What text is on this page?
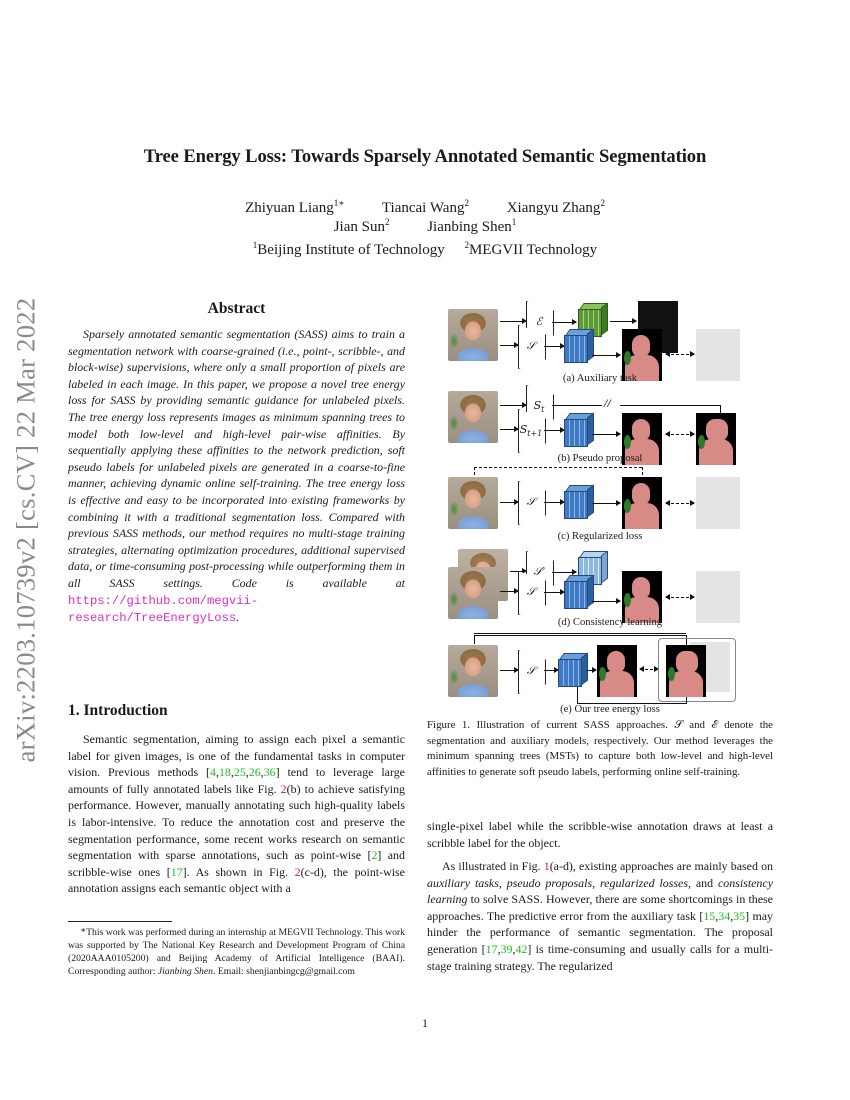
arXiv:2203.10739v2 [cs.CV] 22 Mar 2022
Tree Energy Loss: Towards Sparsely Annotated Semantic Segmentation
Zhiyuan Liang$^{1∗}$ Tiancai Wang$^2$	Xiangyu Zhang$^2$
Jian Sun$^2$	Jianbing Shen$^1$
$^1$Beijing Institute of Technology $^2$MEGVII Technology
Abstract

Sparsely annotated semantic segmentation (SASS) aims to train a segmentation network with coarse-grained (i.e., point-, scribble-, and block-wise) supervisions, where only a small proportion of pixels are labeled in each image. In this paper, we propose a novel tree energy loss for SASS by providing semantic guidance for unlabeled pixels. The tree energy loss represents images as minimum spanning trees to model both low-level and high-level pair-wise affinities. By sequentially applying these affinities to the network prediction, soft pseudo labels for unlabeled pixels are generated in a coarse-to-fine manner, achieving dynamic online self-training. The tree energy loss is effective and easy to be incorporated into existing frameworks by combining it with a traditional segmentation loss. Compared with previous SASS methods, our method requires no multi-stage training strategies, alternating optimization procedures, additional supervised data, or time-consuming post-processing while outperforming them in all SASS settings. Code is available at https://github.com/megvii-research/TreeEnergyLoss.

1. Introduction

Semantic segmentation, aiming to assign each pixel a semantic label for given images, is one of the fundamental tasks in computer vision. Previous methods [4,18,25,26,36] tend to leverage large amounts of fully annotated labels like Fig. 2(b) to achieve satisfying performance. However, manually annotating such high-quality labels is labor-intensive. To reduce the annotation cost and preserve the segmentation performance, some recent works research on semantic segmentation with sparse annotations, such as point-wise [2] and scribble-wise ones [17]. As shown in Fig. 2(c-d), the point-wise annotation assigns each semantic object with a

∗This work was performed during an internship at MEGVII Technology. This work was supported by The National Key Research and Development Program of China (2020AAA0105200) and Beijing Academy of Artificial Intelligence (BAAI). Corresponding author: Jianbing Shen. Email: shenjianbingcg@gmail.com

ℰ
𝒮
(a) Auxiliary task
$S_t$
$S_{t+1}$
//
(b) Pseudo proposal
𝒮
(c) Regularized loss
𝒮′
𝒮
(d) Consistency learning
𝒮
(e) Our tree energy loss
Figure 1. Illustration of current SASS approaches. 𝒮 and ℰ denote the segmentation and auxiliary models, respectively. Our method leverages the minimum spanning trees (MSTs) to capture both low-level and high-level affinities to generate soft pseudo labels, performing online self-training.

single-pixel label while the scribble-wise annotation draws at least a scribble label for the object.

As illustrated in Fig. 1(a-d), existing approaches are mainly based on auxiliary tasks, pseudo proposals, regularized losses, and consistency learning to solve SASS. However, there are some shortcomings in these approaches. The predictive error from the auxiliary task [15,34,35] may hinder the performance of semantic segmentation. The proposal generation [17,39,42] is time-consuming and usually calls for a multi-stage training strategy. The regularized

1
